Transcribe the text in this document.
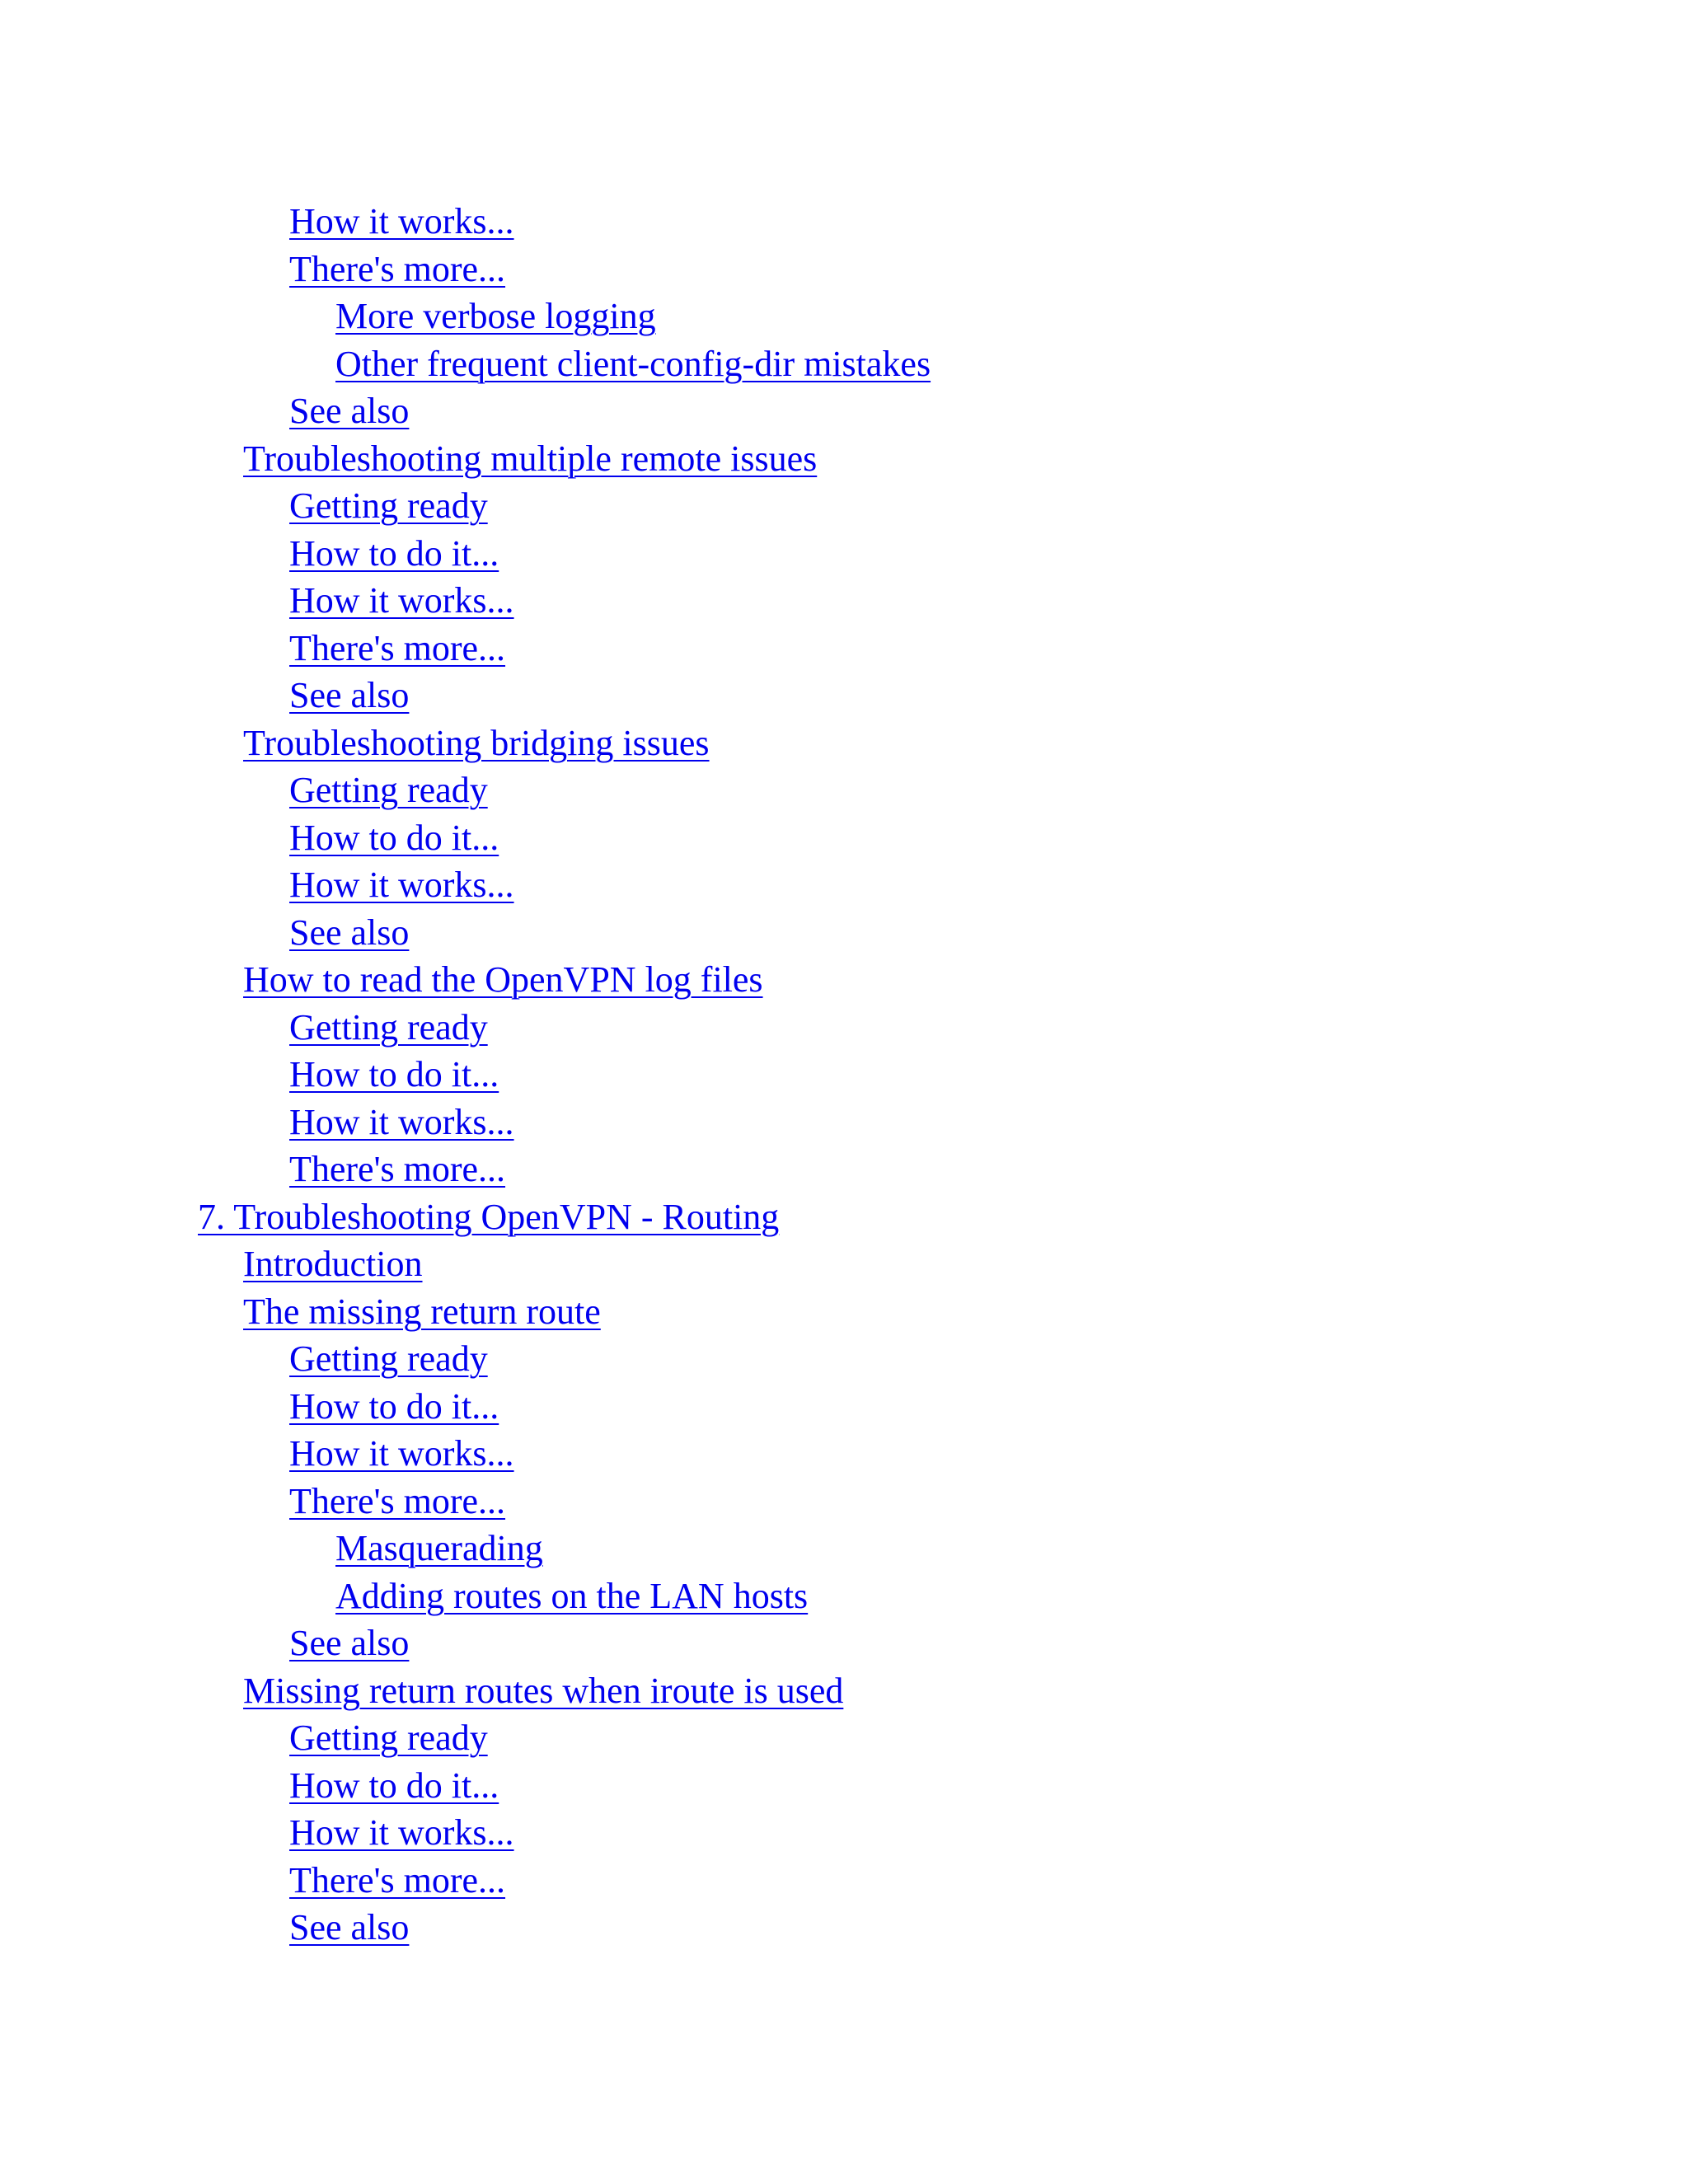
How it works...
There's more...
More verbose logging
Other frequent client-config-dir mistakes
See also
Troubleshooting multiple remote issues
Getting ready
How to do it...
How it works...
There's more...
See also
Troubleshooting bridging issues
Getting ready
How to do it...
How it works...
See also
How to read the OpenVPN log files
Getting ready
How to do it...
How it works...
There's more...
7. Troubleshooting OpenVPN - Routing
Introduction
The missing return route
Getting ready
How to do it...
How it works...
There's more...
Masquerading
Adding routes on the LAN hosts
See also
Missing return routes when iroute is used
Getting ready
How to do it...
How it works...
There's more...
See also
